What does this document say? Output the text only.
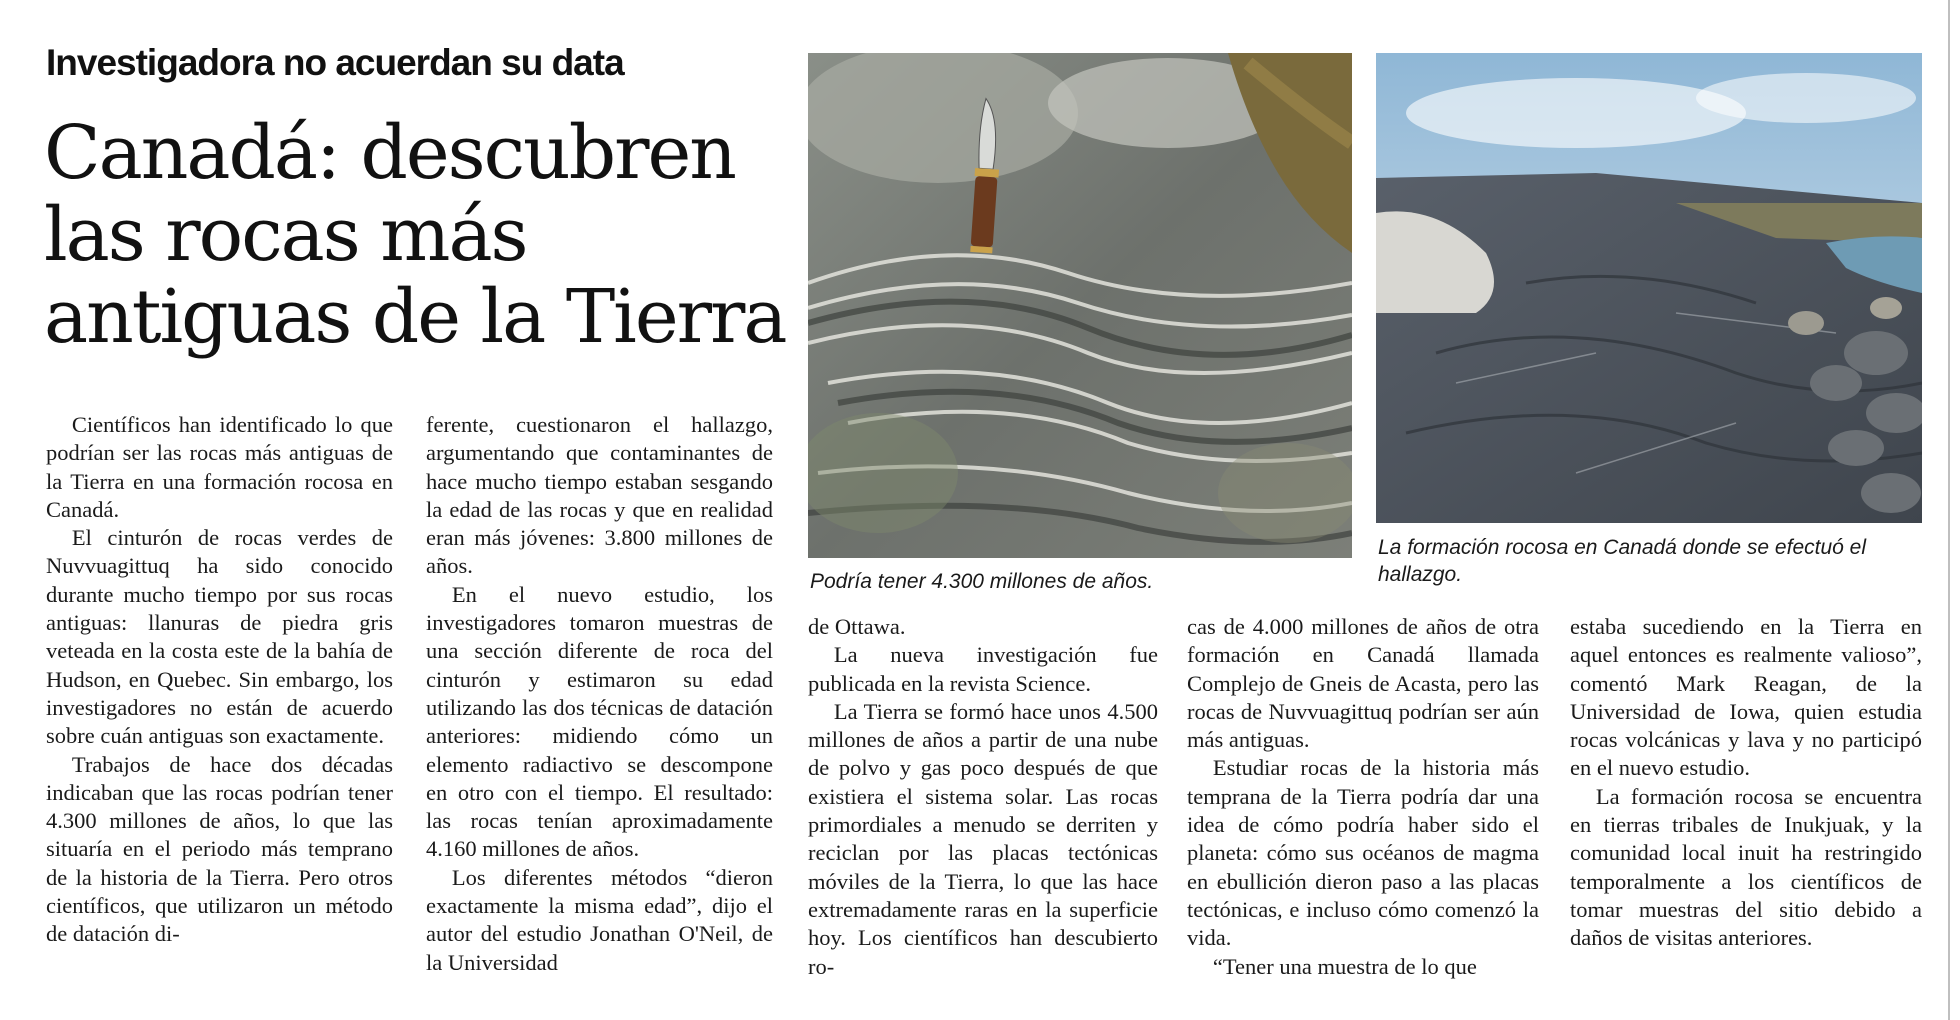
Investigadora no acuerdan su data
Canadá: descubren
las rocas más
antiguas de la Tierra

Científicos han identificado lo que podrían ser las rocas más antiguas de la Tierra en una formación rocosa en Canadá.

El cinturón de rocas verdes de Nuvvuagittuq ha sido conocido durante mucho tiempo por sus rocas antiguas: llanuras de piedra gris veteada en la costa este de la bahía de Hudson, en Quebec. Sin embargo, los investigadores no están de acuerdo sobre cuán antiguas son exactamente.

Trabajos de hace dos décadas indicaban que las rocas podrían tener 4.300 millones de años, lo que las situaría en el periodo más temprano de la historia de la Tierra. Pero otros científicos, que utilizaron un método de datación di-

ferente, cuestionaron el hallazgo, argumentando que contaminantes de hace mucho tiempo estaban sesgando la edad de las rocas y que en realidad eran más jóvenes: 3.800 millones de años.

En el nuevo estudio, los investigadores tomaron muestras de una sección diferente de roca del cinturón y estimaron su edad utilizando las dos técnicas de datación anteriores: midiendo cómo un elemento radiactivo se descompone en otro con el tiempo. El resultado: las rocas tenían aproximadamente 4.160 millones de años.

Los diferentes métodos “dieron exactamente la misma edad”, dijo el autor del estudio Jonathan O'Neil, de la Universidad

Podría tener 4.300 millones de años.
La formación rocosa en Canadá donde se efectuó el hallazgo.

de Ottawa.

La nueva investigación fue publicada en la revista Science.

La Tierra se formó hace unos 4.500 millones de años a partir de una nube de polvo y gas poco después de que existiera el sistema solar. Las rocas primordiales a menudo se derriten y reciclan por las placas tectónicas móviles de la Tierra, lo que las hace extremadamente raras en la superficie hoy. Los científicos han descubierto ro-

cas de 4.000 millones de años de otra formación en Canadá llamada Complejo de Gneis de Acasta, pero las rocas de Nuvvuagittuq podrían ser aún más antiguas.

Estudiar rocas de la historia más temprana de la Tierra podría dar una idea de cómo podría haber sido el planeta: cómo sus océanos de magma en ebullición dieron paso a las placas tectónicas, e incluso cómo comenzó la vida.

“Tener una muestra de lo que

estaba sucediendo en la Tierra en aquel entonces es realmente valioso”, comentó Mark Reagan, de la Universidad de Iowa, quien estudia rocas volcánicas y lava y no participó en el nuevo estudio.

La formación rocosa se encuentra en tierras tribales de Inukjuak, y la comunidad local inuit ha restringido temporalmente a los científicos de tomar muestras del sitio debido a daños de visitas anteriores.
